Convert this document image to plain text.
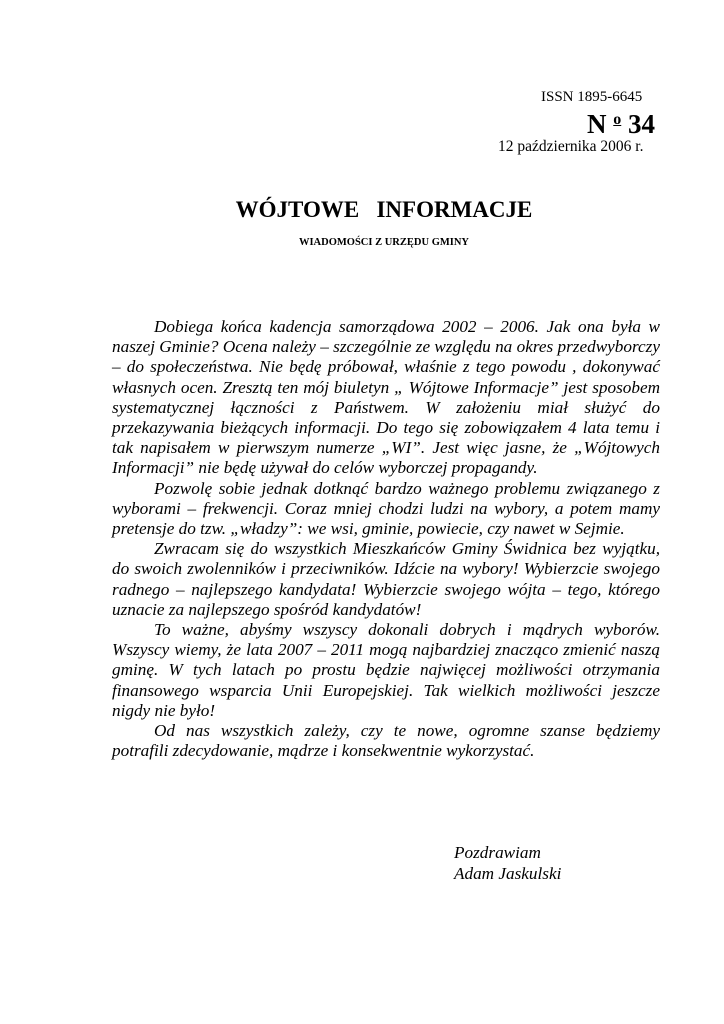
ISSN 1895-6645
N $^o$ 34
12 października 2006 r.
WÓJTOWE   INFORMACJE
WIADOMOŚCI Z URZĘDU GMINY

Dobiega końca kadencja samorządowa 2002 – 2006. Jak ona była w naszej Gminie? Ocena należy – szczególnie ze względu na okres przedwyborczy – do społeczeństwa. Nie będę próbował, właśnie z tego powodu , dokonywać własnych ocen. Zresztą ten mój biuletyn „ Wójtowe Informacje” jest sposobem systematycznej łączności z Państwem. W założeniu miał służyć do przekazywania bieżących informacji. Do tego się zobowiązałem 4 lata temu i tak napisałem w pierwszym numerze „WI”. Jest więc jasne, że „Wójtowych Informacji” nie będę używał do celów wyborczej propagandy.

Pozwolę sobie jednak dotknąć bardzo ważnego problemu związanego z wyborami – frekwencji. Coraz mniej chodzi ludzi na wybory, a potem mamy pretensje do tzw. „władzy”: we wsi, gminie, powiecie, czy nawet w Sejmie.

Zwracam się do wszystkich Mieszkańców Gminy Świdnica bez wyjątku, do swoich zwolenników i przeciwników. Idźcie na wybory! Wybierzcie swojego radnego – najlepszego kandydata! Wybierzcie swojego wójta – tego, którego uznacie za najlepszego spośród kandydatów!

To ważne, abyśmy wszyscy dokonali dobrych i mądrych wyborów. Wszyscy wiemy, że lata 2007 – 2011 mogą najbardziej znacząco zmienić naszą gminę. W tych latach po prostu będzie najwięcej możliwości otrzymania finansowego wsparcia Unii Europejskiej. Tak wielkich możliwości jeszcze nigdy nie było!

Od nas wszystkich zależy, czy te nowe, ogromne szanse będziemy potrafili zdecydowanie, mądrze i konsekwentnie wykorzystać.

Pozdrawiam
Adam Jaskulski
